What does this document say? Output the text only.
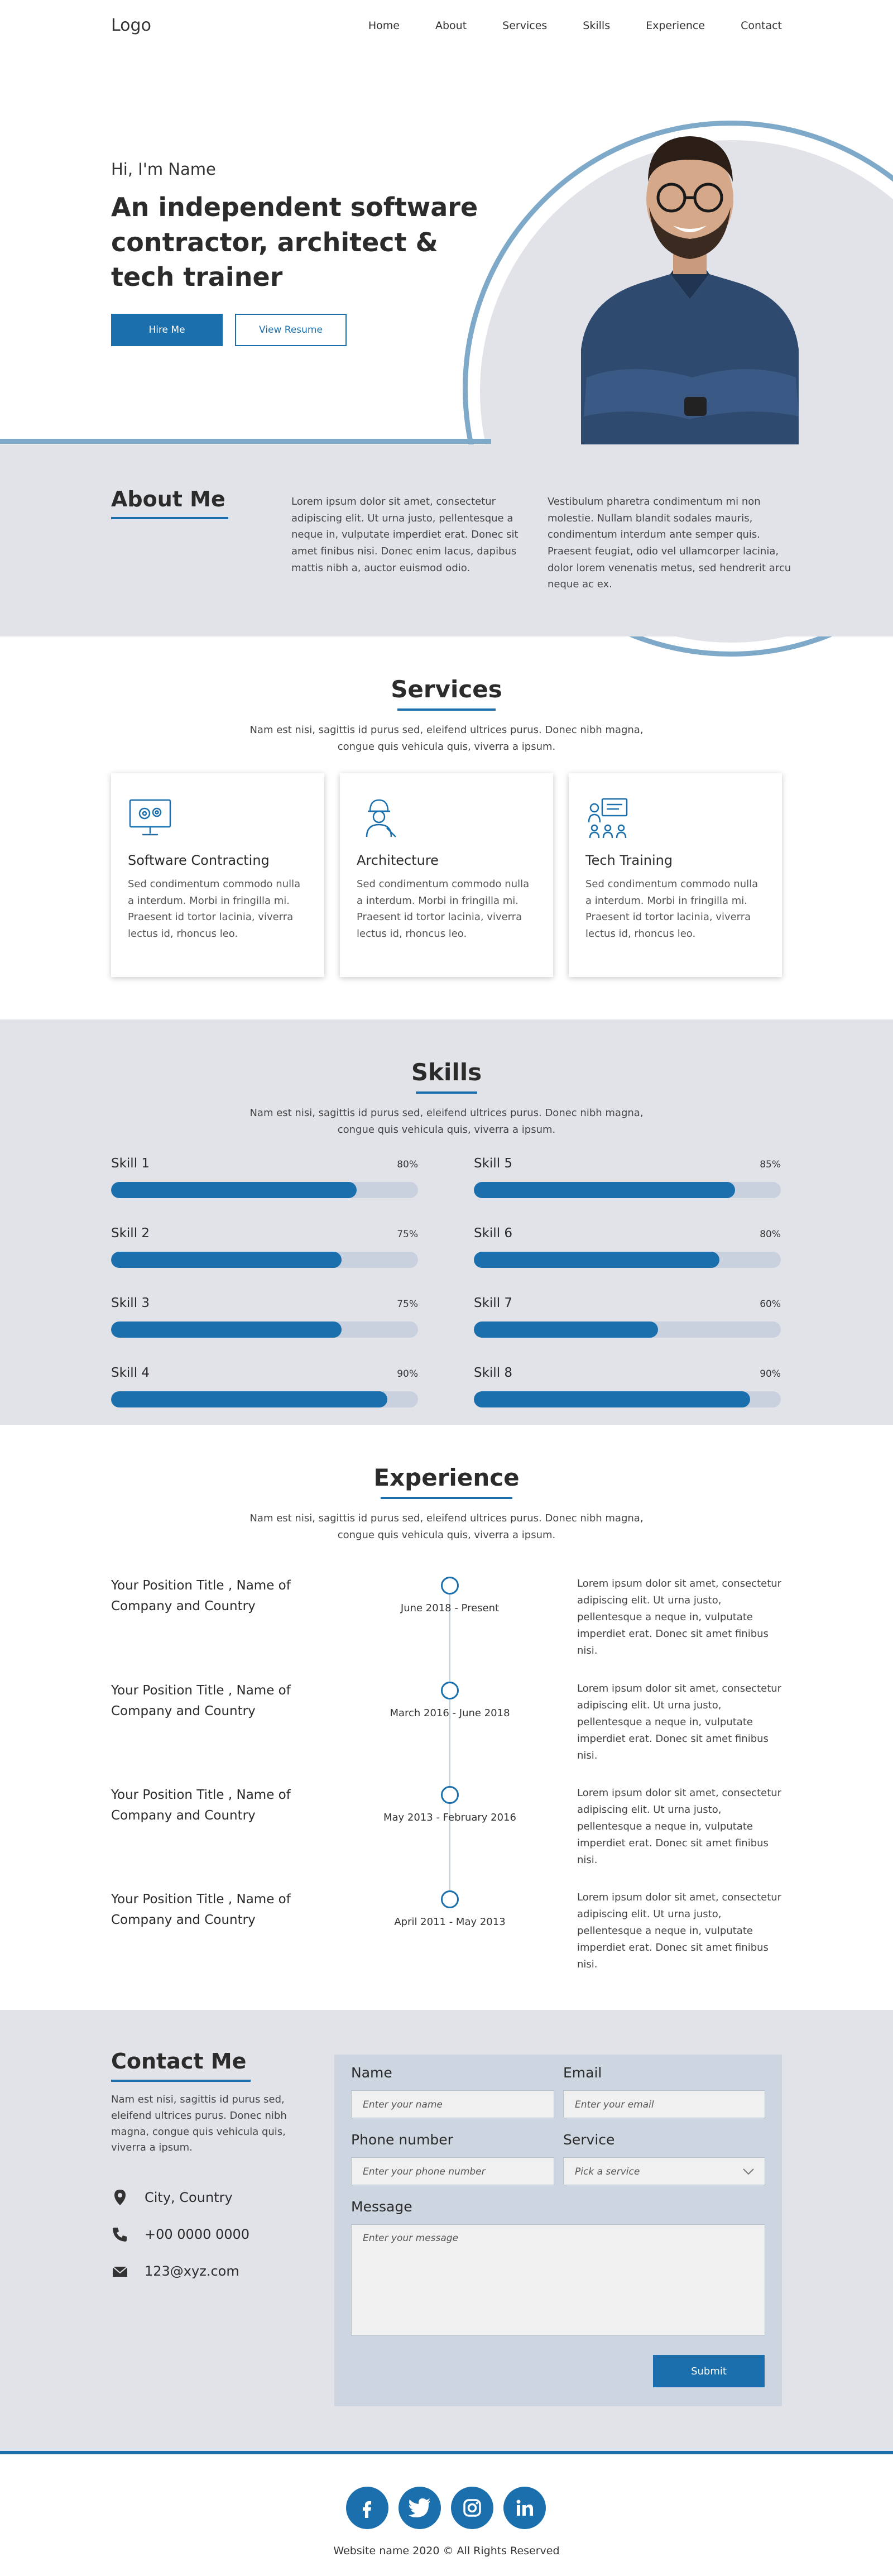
Logo	Home	About	Services	Skills	Experience	Contact
Hi, I'm Name
An independent software contractor, architect & tech trainer
Hire Me	View Resume
About Me	Lorem ipsum dolor sit amet, consectetur adipiscing elit. Ut urna justo, pellentesque a neque in, vulputate imperdiet erat. Donec sit amet finibus nisi. Donec enim lacus, dapibus mattis nibh a, auctor euismod odio.

Vestibulum pharetra condimentum mi non molestie. Nullam blandit sodales mauris, condimentum interdum ante semper quis. Praesent feugiat, odio vel ullamcorper lacinia, dolor lorem venenatis metus, sed hendrerit arcu neque ac ex.

Services
Nam est nisi, sagittis id purus sed, eleifend ultrices purus. Donec nibh magna, congue quis vehicula quis, viverra a ipsum.
Software Contracting

Sed condimentum commodo nulla a interdum. Morbi in fringilla mi. Praesent id tortor lacinia, viverra lectus id, rhoncus leo.

Architecture

Sed condimentum commodo nulla a interdum. Morbi in fringilla mi. Praesent id tortor lacinia, viverra lectus id, rhoncus leo.

Tech Training

Sed condimentum commodo nulla a interdum. Morbi in fringilla mi. Praesent id tortor lacinia, viverra lectus id, rhoncus leo.

Skills
Nam est nisi, sagittis id purus sed, eleifend ultrices purus. Donec nibh magna, congue quis vehicula quis, viverra a ipsum.
Skill 1	80%	Skill 5	85%
Skill 2	75%	Skill 6	80%
Skill 3	75%	Skill 7	60%
Skill 4	90%	Skill 8	90%
Experience
Nam est nisi, sagittis id purus sed, eleifend ultrices purus. Donec nibh magna, congue quis vehicula quis, viverra a ipsum.
Your Position Title , Name of Company and Country	June 2018 - Present
Lorem ipsum dolor sit amet, consectetur adipiscing elit. Ut urna justo, pellentesque a neque in, vulputate imperdiet erat. Donec sit amet finibus nisi.
Your Position Title , Name of Company and Country	March 2016 - June 2018
Lorem ipsum dolor sit amet, consectetur adipiscing elit. Ut urna justo, pellentesque a neque in, vulputate imperdiet erat. Donec sit amet finibus nisi.
Your Position Title , Name of Company and Country	May 2013 - February 2016
Lorem ipsum dolor sit amet, consectetur adipiscing elit. Ut urna justo, pellentesque a neque in, vulputate imperdiet erat. Donec sit amet finibus nisi.
Your Position Title , Name of Company and Country	April 2011 - May 2013
Lorem ipsum dolor sit amet, consectetur adipiscing elit. Ut urna justo, pellentesque a neque in, vulputate imperdiet erat. Donec sit amet finibus nisi.
Contact Me
Nam est nisi, sagittis id purus sed, eleifend ultrices purus. Donec nibh magna, congue quis vehicula quis, viverra a ipsum.
City, Country
+00 0000 0000
123@xyz.com
Name
Enter your name
Email
Enter your email
Phone number
Enter your phone number
Service
Pick a service
Message
Enter your message
Submit
Website name 2020 © All Rights Reserved
